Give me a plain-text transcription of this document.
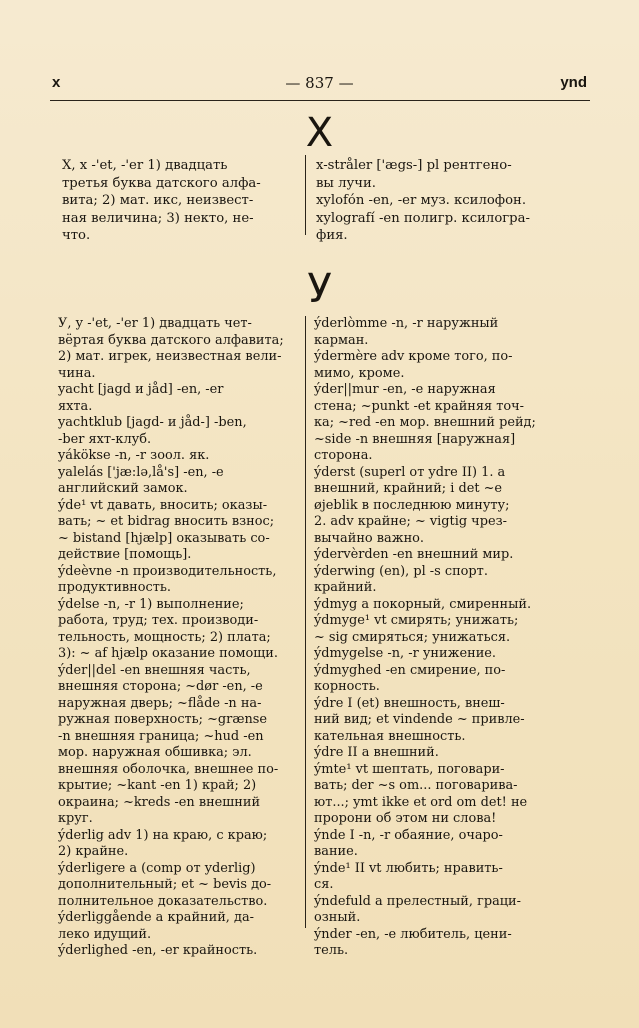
x	— 837 —	ynd
X

X, x -'et, -'er 1) двадцать

третья буква датского алфа-

вита; 2) мат. икс, неизвест-

ная величина; 3) некто, не-

что.

x-stråler ['ægs-] pl рентгено-

вы лучи.

xylofón -en, -er муз. ксилофон.

xylografí -en полигр. ксилогра-

фия.

У

У, у -'et, -'er 1) двадцать чет-

вёртая буква датского алфавита;

2) мат. игрек, неизвестная вели-

чина.

yacht [jagd и jåd] -en, -er

яхта.

yachtklub [jagd- и jåd-] -ben,

-ber яхт-клуб.

yákökse -n, -r зоол. як.

yalelás ['jæ:lə,lå's] -en, -e

английский замок.

ýde¹ vt давать, вносить; оказы-

вать; ~ et bidrag вносить взнос;

~ bistand [hjælp] оказывать со-

действие [помощь].

ýdeèvne -n производительность,

продуктивность.

ýdelse -n, -r 1) выполнение;

работа, труд; тех. производи-

тельность, мощность; 2) плата;

3): ~ af hjælp оказание помощи.

ýder||del -en внешняя часть,

внешняя сторона; ~dør -en, -e

наружная дверь; ~flåde -n на-

ружная поверхность; ~grænse

-n внешняя граница; ~hud -en

мор. наружная обшивка; эл.

внешняя оболочка, внешнее по-

крытие; ~kant -en 1) край; 2)

окраина; ~kreds -en внешний

круг.

ýderlig adv 1) на краю, с краю;

2) крайне.

ýderligere a (comp от yderlig)

дополнительный; et ~ bevis до-

полнительное доказательство.

ýderliggående a крайний, да-

леко идущий.

ýderlighed -en, -er крайность.

ýderlòmme -n, -r наружный

карман.

ýdermère adv кроме того, по-

мимо, кроме.

ýder||mur -en, -e наружная

стена; ~punkt -et крайняя точ-

ка; ~red -en мор. внешний рейд;

~side -n внешняя [наружная]

сторона.

ýderst (superl от ydre II) 1. a

внешний, крайний; i det ~e

øjeblik в последнюю минуту;

2. adv крайне; ~ vigtig чрез-

вычайно важно.

ýdervèrden -en внешний мир.

ýderwing (en), pl -s спорт.

крайний.

ýdmyg a покорный, смиренный.

ýdmyge¹ vt смирять; унижать;

~ sig смиряться; унижаться.

ýdmygelse -n, -r унижение.

ýdmyghed -en смирение, по-

корность.

ýdre I (et) внешность, внеш-

ний вид; et vindende ~ привле-

кательная внешность.

ýdre II a внешний.

ýmte¹ vt шептать, поговари-

вать; der ~s om... поговарива-

ют...; ymt ikke et ord om det! не

пророни об этом ни слова!

ýnde I -n, -r обаяние, очаро-

вание.

ýnde¹ II vt любить; нравить-

ся.

ýndefuld a прелестный, граци-

озный.

ýnder -en, -e любитель, цени-

тель.
